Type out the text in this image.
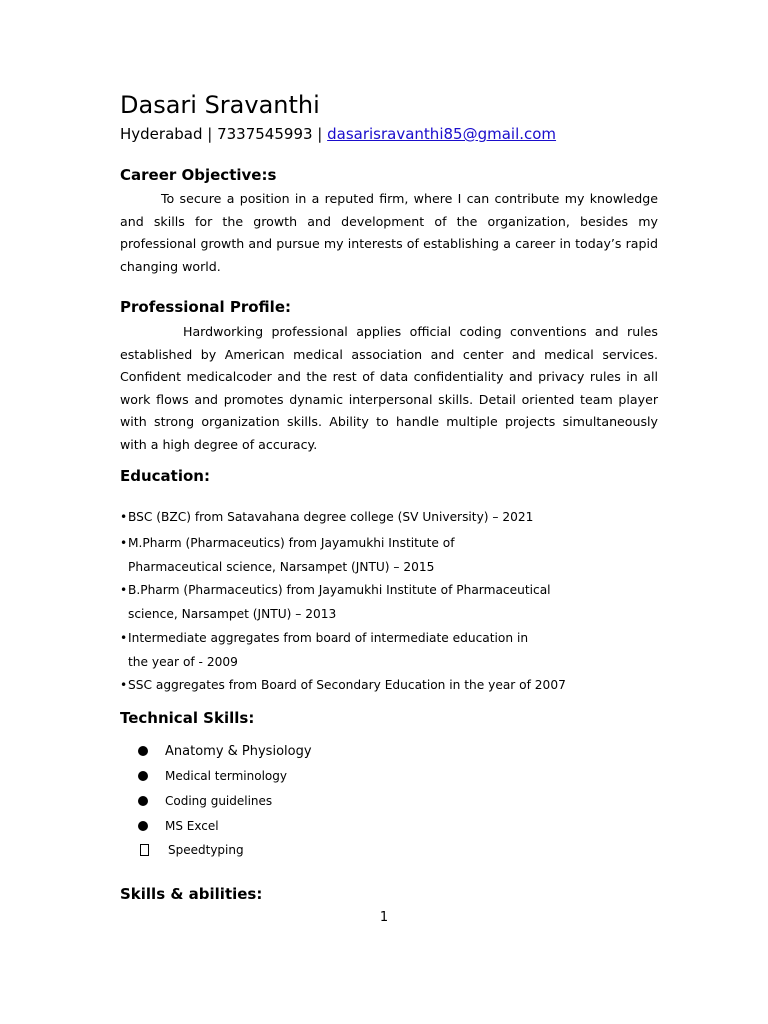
Dasari Sravanthi
Hyderabad | 7337545993 | dasarisravanthi85@gmail.com
Career Objective:s
To secure a position in a reputed firm, where I can contribute my knowledge and skills for the growth and development of the organization, besides my professional growth and pursue my interests of establishing a career in today’s rapid changing world.
Professional Profile:
Hardworking professional applies official coding conventions and rules established by American medical association and center and medical services. Confident medicalcoder and the rest of data confidentiality and privacy rules in all work flows and promotes dynamic interpersonal skills. Detail oriented team player with strong organization skills. Ability to handle multiple projects simultaneously with a high degree of accuracy.
Education:
•BSC (BZC) from Satavahana degree college (SV University) – 2021
•M.Pharm (Pharmaceutics) from Jayamukhi Institute of
Pharmaceutical science, Narsampet (JNTU) – 2015
•B.Pharm (Pharmaceutics) from Jayamukhi Institute of Pharmaceutical
science, Narsampet (JNTU) – 2013
•Intermediate aggregates from board of intermediate education in
the year of - 2009
•SSC aggregates from Board of Secondary Education in the year of 2007
Technical Skills:
Anatomy & Physiology
Medical terminology
Coding guidelines
MS Excel
Speedtyping
Skills & abilities:
1
